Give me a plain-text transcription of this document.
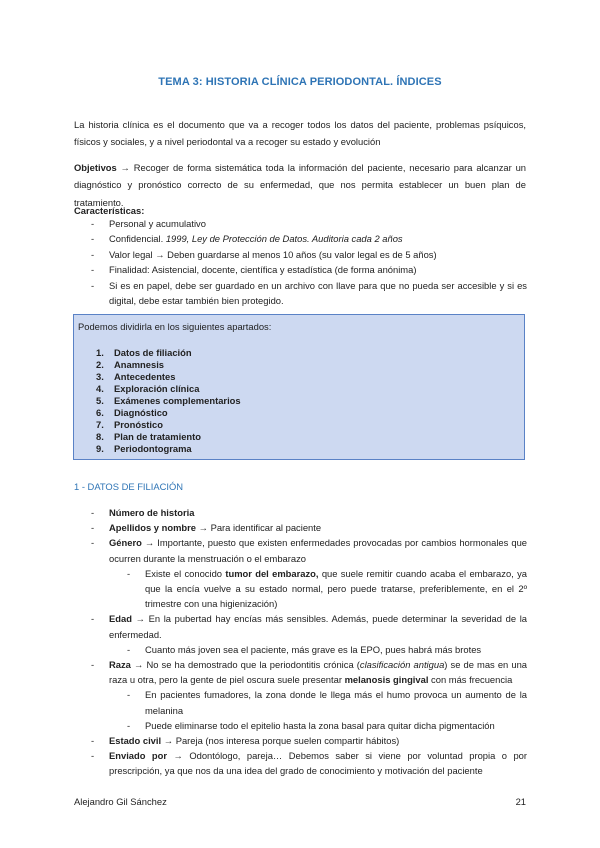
TEMA 3: HISTORIA CLÍNICA PERIODONTAL. ÍNDICES
La historia clínica es el documento que va a recoger todos los datos del paciente, problemas psíquicos, físicos y sociales, y a nivel periodontal va a recoger su estado y evolución
Objetivos → Recoger de forma sistemática toda la información del paciente, necesario para alcanzar un diagnóstico y pronóstico correcto de su enfermedad, que nos permita establecer un buen plan de tratamiento.
Características:
- Personal y acumulativo
- Confidencial. 1999, Ley de Protección de Datos. Auditoria cada 2 años
- Valor legal → Deben guardarse al menos 10 años (su valor legal es de 5 años)
- Finalidad: Asistencial, docente, científica y estadística (de forma anónima)
- Si es en papel, debe ser guardado en un archivo con llave para que no pueda ser accesible y si es digital, debe estar también bien protegido.
Podemos dividirla en los siguientes apartados:
1. Datos de filiación
2. Anamnesis
3. Antecedentes
4. Exploración clínica
5. Exámenes complementarios
6. Diagnóstico
7. Pronóstico
8. Plan de tratamiento
9. Periodontograma
1 - DATOS DE FILIACIÓN
- Número de historia
- Apellidos y nombre → Para identificar al paciente
- Género → Importante, puesto que existen enfermedades provocadas por cambios hormonales que ocurren durante la menstruación o el embarazo
- Existe el conocido tumor del embarazo, que suele remitir cuando acaba el embarazo, ya que la encía vuelve a su estado normal, pero puede tratarse, preferiblemente, en el 2º trimestre con una higienización)
- Edad → En la pubertad hay encías más sensibles. Además, puede determinar la severidad de la enfermedad.
- Cuanto más joven sea el paciente, más grave es la EPO, pues habrá más brotes
- Raza → No se ha demostrado que la periodontitis crónica (clasificación antigua) se de mas en una raza u otra, pero la gente de piel oscura suele presentar melanosis gingival con más frecuencia
- En pacientes fumadores, la zona donde le llega más el humo provoca un aumento de la melanina
- Puede eliminarse todo el epitelio hasta la zona basal para quitar dicha pigmentación
- Estado civil → Pareja (nos interesa porque suelen compartir hábitos)
- Enviado por → Odontólogo, pareja… Debemos saber si viene por voluntad propia o por prescripción, ya que nos da una idea del grado de conocimiento y motivación del paciente
Alejandro Gil Sánchez	21
